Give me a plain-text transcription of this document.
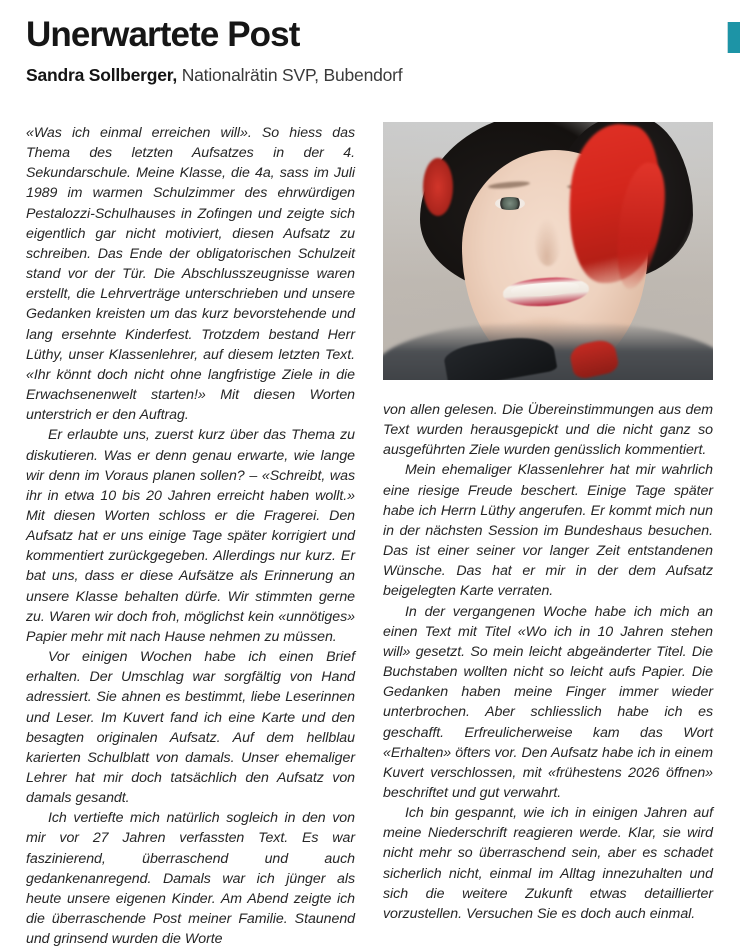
Unerwartete Post
Sandra Sollberger, Nationalrätin SVP, Bubendorf

«Was ich einmal erreichen will». So hiess das Thema des letzten Aufsatzes in der 4. Sekundarschule. Meine Klasse, die 4a, sass im Juli 1989 im warmen Schulzimmer des ehrwürdigen Pestalozzi-Schulhauses in Zofingen und zeigte sich eigentlich gar nicht motiviert, diesen Aufsatz zu schreiben. Das Ende der obligatorischen Schulzeit stand vor der Tür. Die Abschlusszeugnisse waren erstellt, die Lehrverträge unterschrieben und unsere Gedanken kreisten um das kurz bevorstehende und lang ersehnte Kinderfest. Trotzdem bestand Herr Lüthy, unser Klassenlehrer, auf diesem letzten Text. «Ihr könnt doch nicht ohne langfristige Ziele in die Erwachsenenwelt starten!» Mit diesen Worten unterstrich er den Auftrag.

Er erlaubte uns, zuerst kurz über das Thema zu diskutieren. Was er denn genau erwarte, wie lange wir denn im Voraus planen sollen? – «Schreibt, was ihr in etwa 10 bis 20 Jahren erreicht haben wollt.» Mit diesen Worten schloss er die Fragerei. Den Aufsatz hat er uns einige Tage später korrigiert und kommentiert zurückgegeben. Allerdings nur kurz. Er bat uns, dass er diese Aufsätze als Erinnerung an unsere Klasse behalten dürfe. Wir stimmten gerne zu. Waren wir doch froh, möglichst kein «unnötiges» Papier mehr mit nach Hause nehmen zu müssen.

Vor einigen Wochen habe ich einen Brief erhalten. Der Umschlag war sorgfältig von Hand adressiert. Sie ahnen es bestimmt, liebe Leserinnen und Leser. Im Kuvert fand ich eine Karte und den besagten originalen Aufsatz. Auf dem hellblau karierten Schulblatt von damals. Unser ehemaliger Lehrer hat mir doch tatsächlich den Aufsatz von damals gesandt.

Ich vertiefte mich natürlich sogleich in den von mir vor 27 Jahren verfassten Text. Es war faszinierend, überraschend und auch gedankenanregend. Damals war ich jünger als heute unsere eigenen Kinder. Am Abend zeigte ich die überraschende Post meiner Familie. Staunend und grinsend wurden die Worte

von allen gelesen. Die Übereinstimmungen aus dem Text wurden herausgepickt und die nicht ganz so ausgeführten Ziele wurden genüsslich kommentiert.

Mein ehemaliger Klassenlehrer hat mir wahrlich eine riesige Freude beschert. Einige Tage später habe ich Herrn Lüthy angerufen. Er kommt mich nun in der nächsten Session im Bundeshaus besuchen. Das ist einer seiner vor langer Zeit entstandenen Wünsche. Das hat er mir in der dem Aufsatz beigelegten Karte verraten.

In der vergangenen Woche habe ich mich an einen Text mit Titel «Wo ich in 10 Jahren stehen will» gesetzt. So mein leicht abgeänderter Titel. Die Buchstaben wollten nicht so leicht aufs Papier. Die Gedanken haben meine Finger immer wieder unterbrochen. Aber schliesslich habe ich es geschafft. Erfreulicherweise kam das Wort «Erhalten» öfters vor. Den Aufsatz habe ich in einem Kuvert verschlossen, mit «frühestens 2026 öffnen» beschriftet und gut verwahrt.

Ich bin gespannt, wie ich in einigen Jahren auf meine Niederschrift reagieren werde. Klar, sie wird nicht mehr so überraschend sein, aber es schadet sicherlich nicht, einmal im Alltag innezuhalten und sich die weitere Zukunft etwas detaillierter vorzustellen. Versuchen Sie es doch auch einmal.
